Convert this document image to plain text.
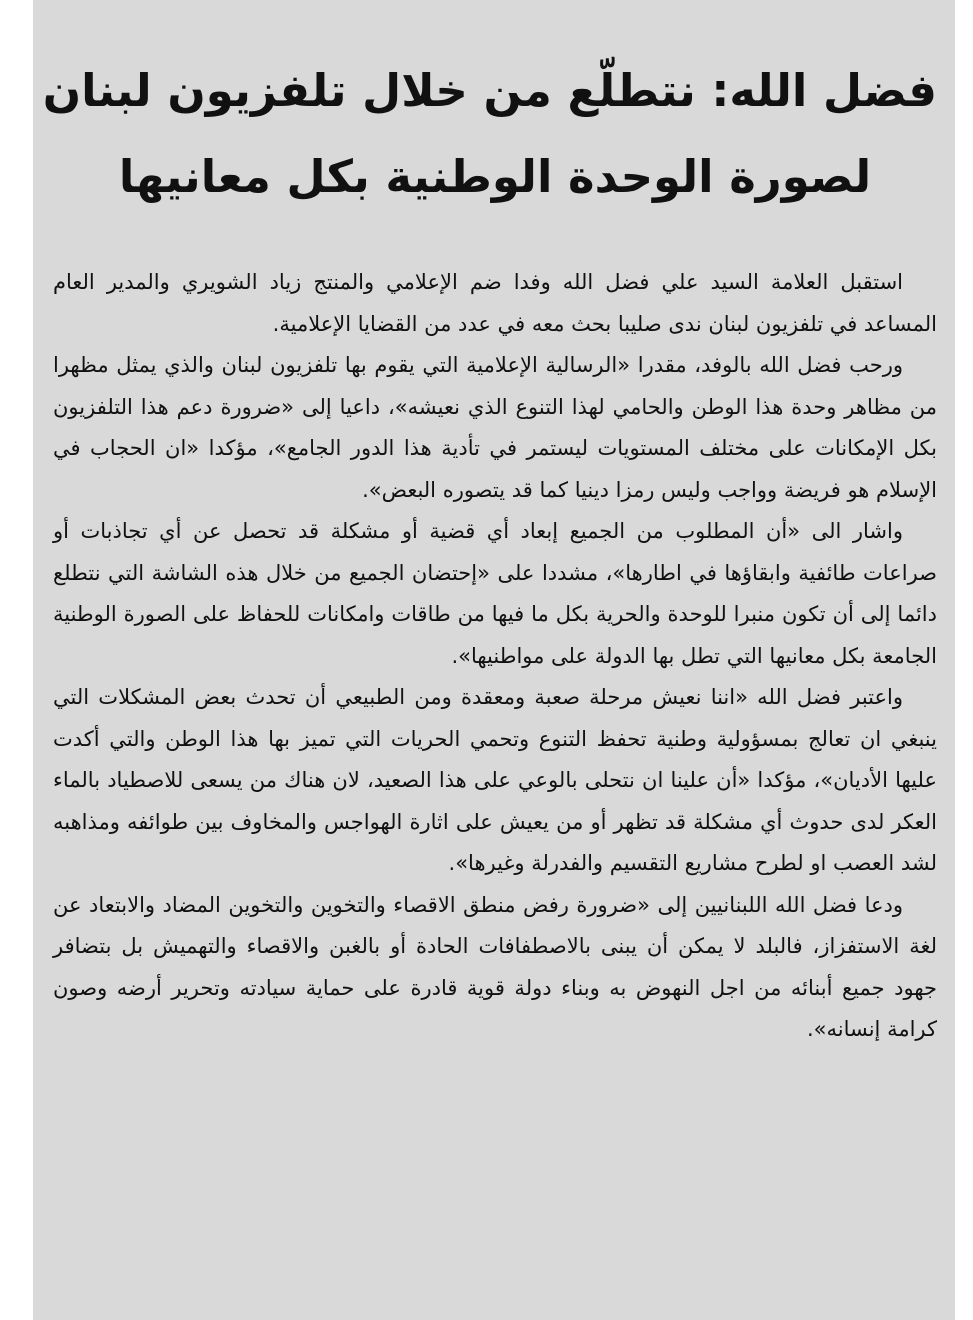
فضل الله: نتطلّع من خلال تلفزيون لبنان
لصورة الوحدة الوطنية بكل معانيها

استقبل العلامة السيد علي فضل الله وفدا ضم الإعلامي والمنتج زياد الشويري والمدير العام المساعد في تلفزيون لبنان ندى صليبا بحث معه في عدد من القضايا الإعلامية.

ورحب فضل الله بالوفد، مقدرا «الرسالية الإعلامية التي يقوم بها تلفزيون لبنان والذي يمثل مظهرا من مظاهر وحدة هذا الوطن والحامي لهذا التنوع الذي نعيشه»، داعيا إلى «ضرورة دعم هذا التلفزيون بكل الإمكانات على مختلف المستويات ليستمر في تأدية هذا الدور الجامع»، مؤكدا «ان الحجاب في الإسلام هو فريضة وواجب وليس رمزا دينيا كما قد يتصوره البعض».

واشار الى «أن المطلوب من الجميع إبعاد أي قضية أو مشكلة قد تحصل عن أي تجاذبات أو صراعات طائفية وابقاؤها في اطارها»، مشددا على «إحتضان الجميع من خلال هذه الشاشة التي نتطلع دائما إلى أن تكون منبرا للوحدة والحرية بكل ما فيها من طاقات وامكانات للحفاظ على الصورة الوطنية الجامعة بكل معانيها التي تطل بها الدولة على مواطنيها».

واعتبر فضل الله «اننا نعيش مرحلة صعبة ومعقدة ومن الطبيعي أن تحدث بعض المشكلات التي ينبغي ان تعالج بمسؤولية وطنية تحفظ التنوع وتحمي الحريات التي تميز بها هذا الوطن والتي أكدت عليها الأديان»، مؤكدا «أن علينا ان نتحلى بالوعي على هذا الصعيد، لان هناك من يسعى للاصطياد بالماء العكر لدى حدوث أي مشكلة قد تظهر أو من يعيش على اثارة الهواجس والمخاوف بين طوائفه ومذاهبه لشد العصب او لطرح مشاريع التقسيم والفدرلة وغيرها».

ودعا فضل الله اللبنانيين إلى «ضرورة رفض منطق الاقصاء والتخوين والتخوين المضاد والابتعاد عن لغة الاستفزاز، فالبلد لا يمكن أن يبنى بالاصطفافات الحادة أو بالغبن والاقصاء والتهميش بل بتضافر جهود جميع أبنائه من اجل النهوض به وبناء دولة قوية قادرة على حماية سيادته وتحرير أرضه وصون كرامة إنسانه».
